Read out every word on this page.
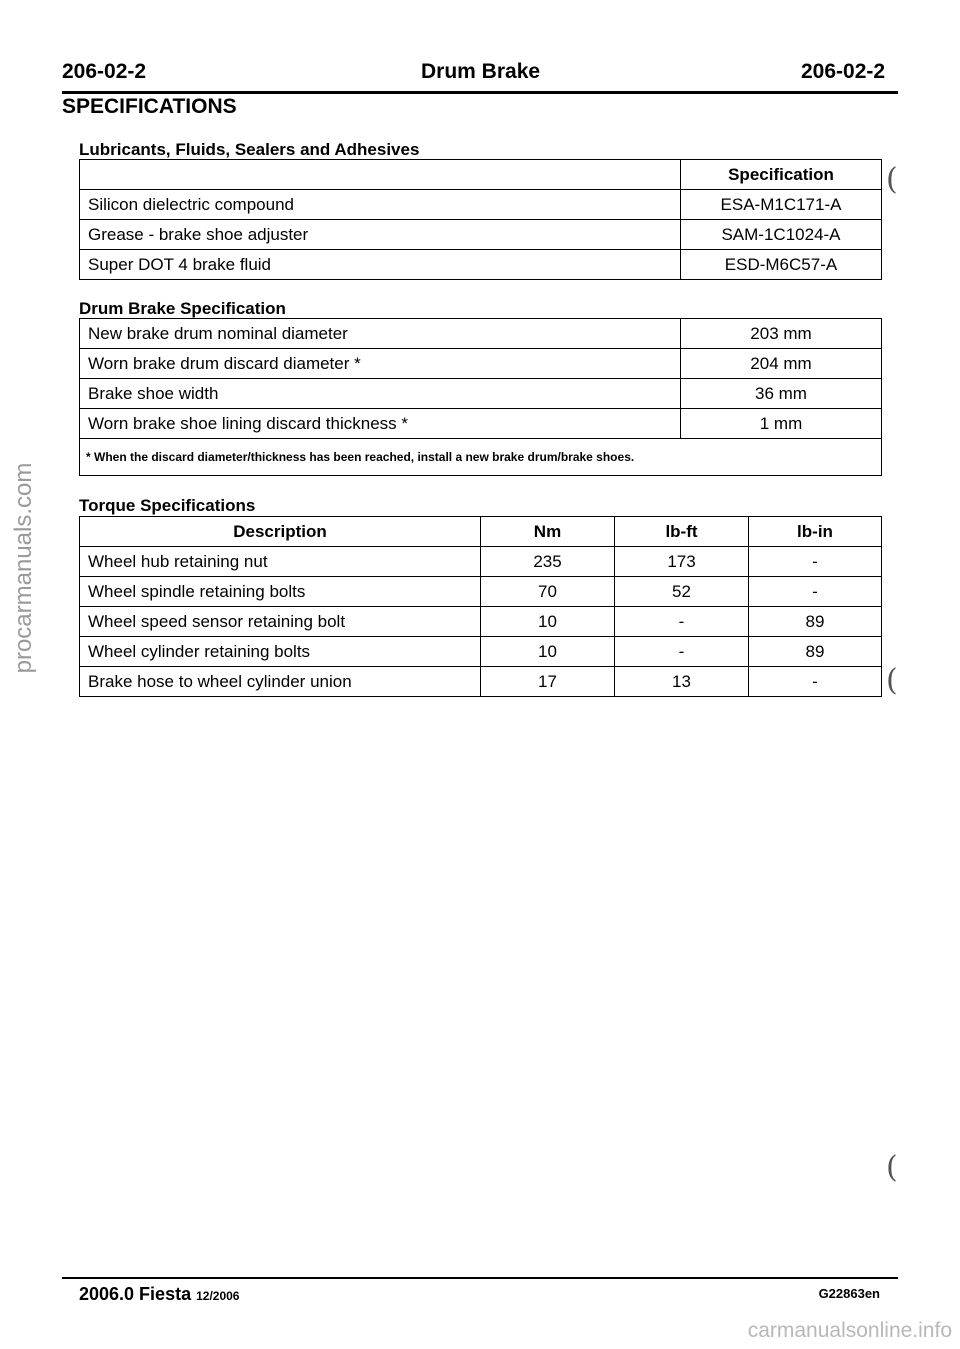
206-02-2	Drum Brake	206-02-2
SPECIFICATIONS
Lubricants, Fluids, Sealers and Adhesives
	Specification
Silicon dielectric compound	ESA-M1C171-A
Grease - brake shoe adjuster	SAM-1C1024-A
Super DOT 4 brake fluid	ESD-M6C57-A
Drum Brake Specification
New brake drum nominal diameter	203 mm
Worn brake drum discard diameter *	204 mm
Brake shoe width	36 mm
Worn brake shoe lining discard thickness *	1 mm
* When the discard diameter/thickness has been reached, install a new brake drum/brake shoes.	
Torque Specifications
Description	Nm	lb-ft	lb-in
Wheel hub retaining nut	235	173	-
Wheel spindle retaining bolts	70	52	-
Wheel speed sensor retaining bolt	10	-	89
Wheel cylinder retaining bolts	10	-	89
Brake hose to wheel cylinder union	17	13	-
(
(
(
procarmanuals.com
2006.0 Fiesta 12/2006	G22863en
carmanualsonline.info
